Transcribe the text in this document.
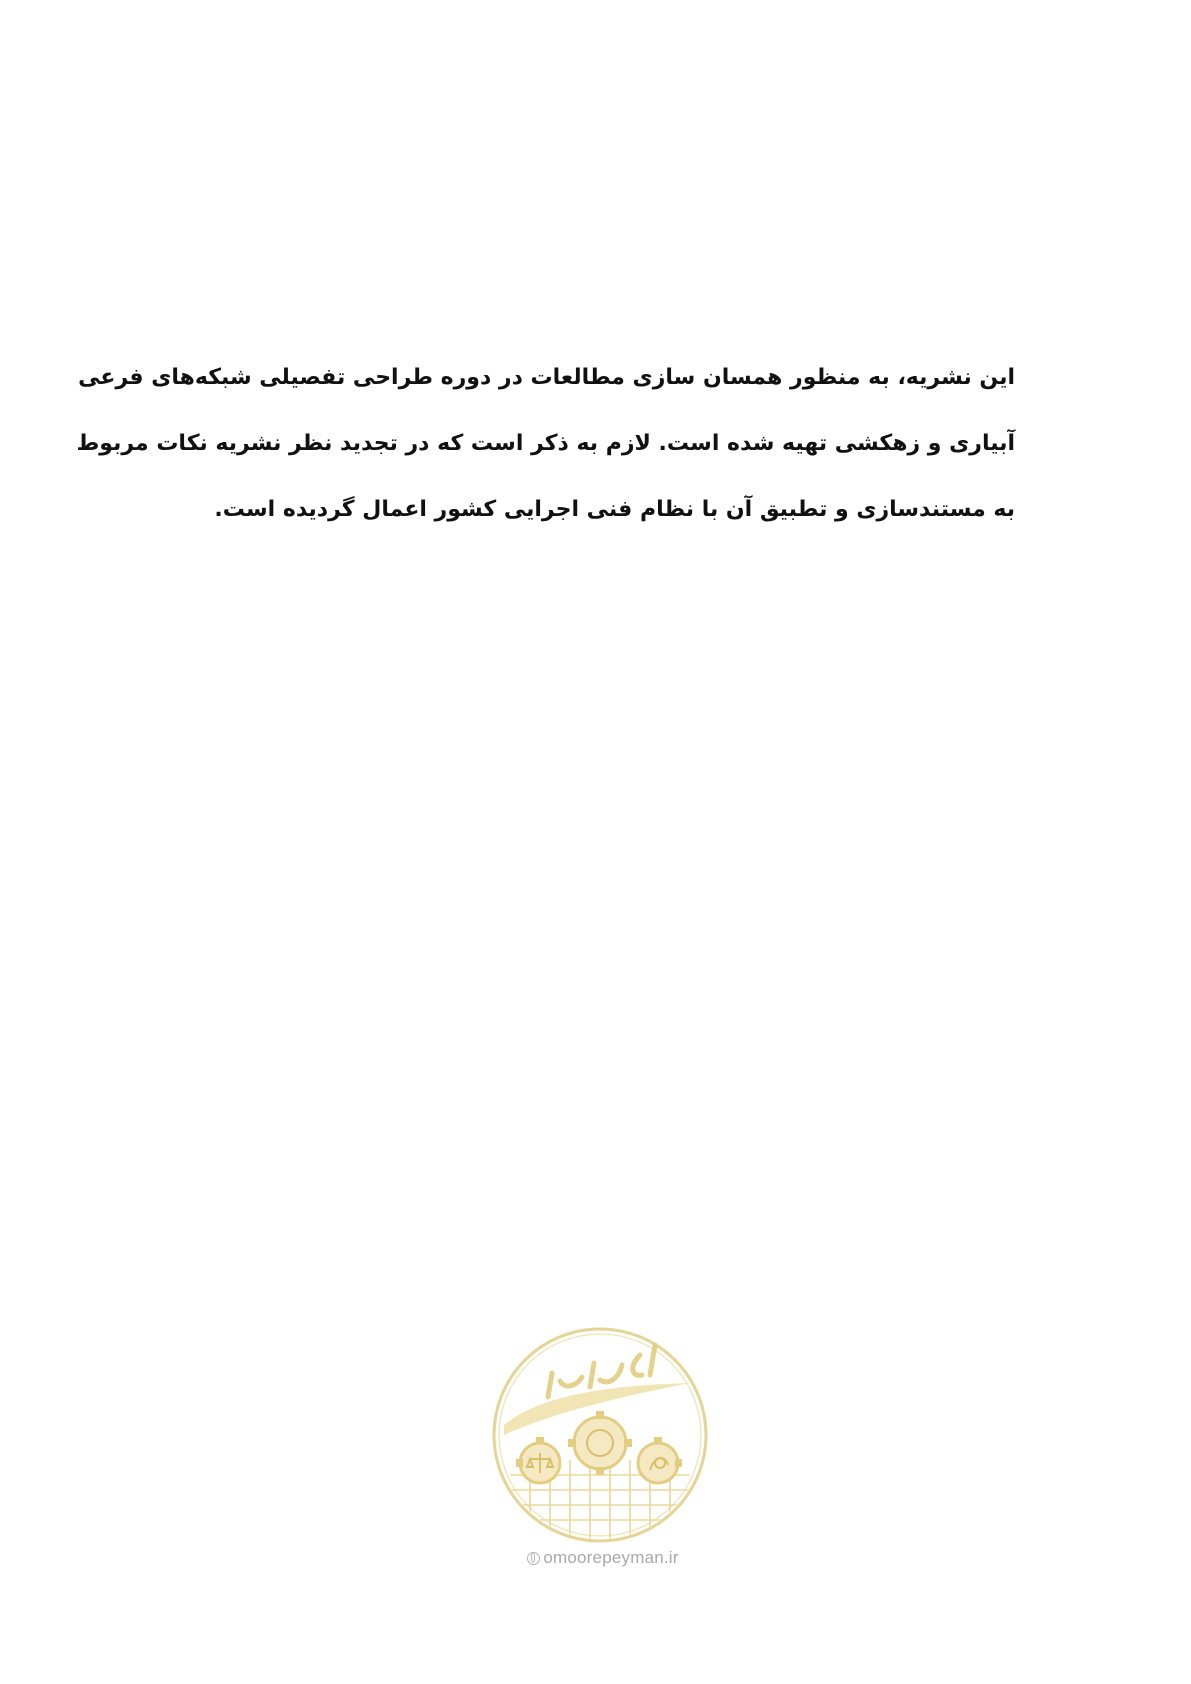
این نشریه، به منظور همسان سازی مطالعات در دوره طراحی تفصیلی شبکه‌های فرعی
آبیاری و زهکشی تهیه شده است. لازم به ذکر است که در تجدید نظر نشریه نکات مربوط
به مستندسازی و تطبیق آن با نظام فنی اجرایی کشور اعمال گردیده است.
omoorepeyman.ir
